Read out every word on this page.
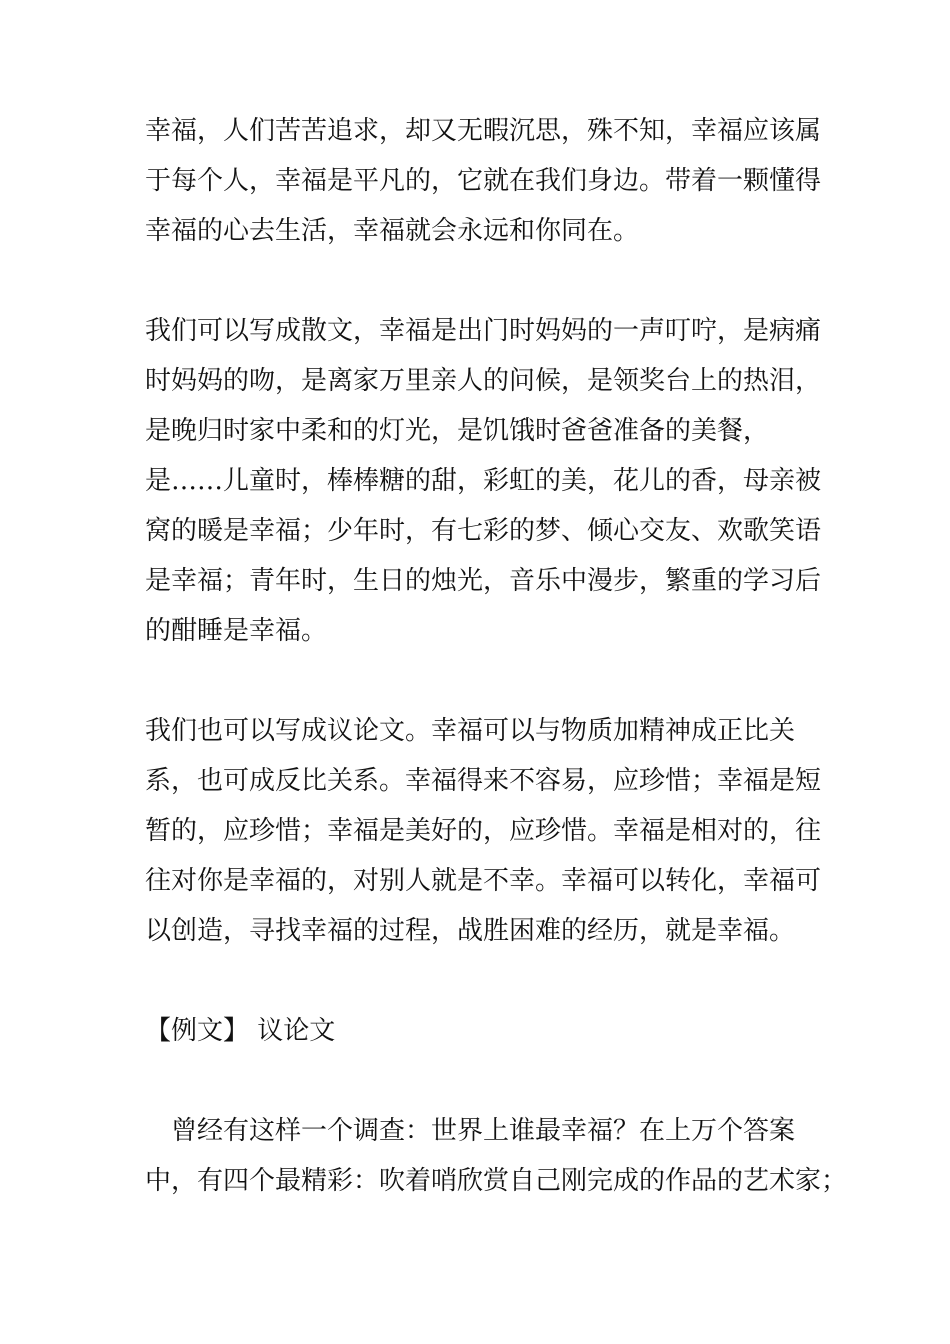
幸福，人们苦苦追求，却又无暇沉思，殊不知，幸福应该属
于每个人，幸福是平凡的，它就在我们身边。带着一颗懂得
幸福的心去生活，幸福就会永远和你同在。
我们可以写成散文，幸福是出门时妈妈的一声叮咛，是病痛
时妈妈的吻，是离家万里亲人的问候，是领奖台上的热泪，
是晚归时家中柔和的灯光，是饥饿时爸爸准备的美餐，
是……儿童时，棒棒糖的甜，彩虹的美，花儿的香，母亲被
窝的暖是幸福；少年时，有七彩的梦、倾心交友、欢歌笑语
是幸福；青年时，生日的烛光，音乐中漫步，繁重的学习后
的酣睡是幸福。
我们也可以写成议论文。幸福可以与物质加精神成正比关
系，也可成反比关系。幸福得来不容易，应珍惜；幸福是短
暂的，应珍惜；幸福是美好的，应珍惜。幸福是相对的，往
往对你是幸福的，对别人就是不幸。幸福可以转化，幸福可
以创造，寻找幸福的过程，战胜困难的经历，就是幸福。
【例文】 议论文
　曾经有这样一个调查：世界上谁最幸福？在上万个答案
中，有四个最精彩：吹着哨欣赏自己刚完成的作品的艺术家；
